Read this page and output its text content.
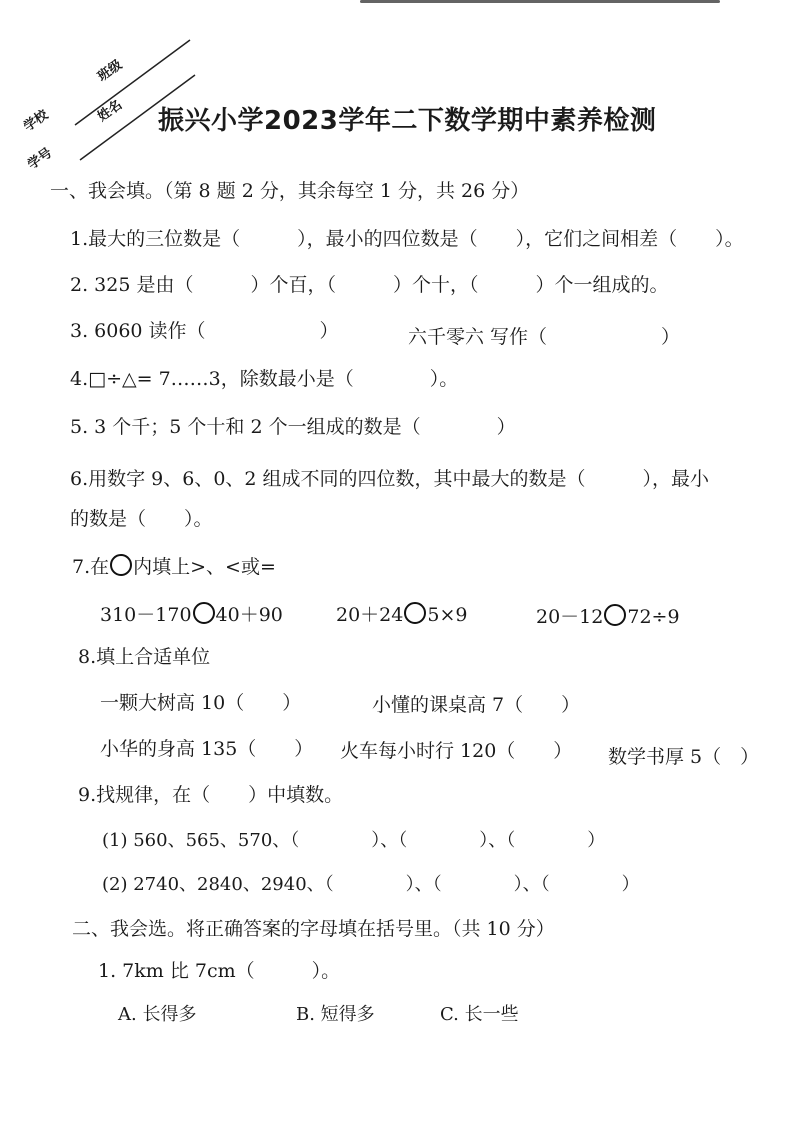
学校
班级
学号
姓名 振兴小学2023学年二下数学期中素养检测
一、我会填。（第 8 题 2 分，其余每空 1 分，共 26 分）
1.最大的三位数是（　　　），最小的四位数是（　　），它们之间相差（　　）。
2. 325 是由（　　　）个百，（　　　）个十，（　　　）个一组成的。
3. 6060 读作（　　　　　　）	六千零六 写作（　　　　　　）
4.□÷△= 7……3，除数最小是（　　　　）。
5. 3 个千；5 个十和 2 个一组成的数是（　　　　）
6.用数字 9、6、0、2 组成不同的四位数，其中最大的数是（　　　），最小
的数是（　　）。
7.在 内填上>、<或=
310－170 40＋90	20＋24 5×9	20－12 72÷9
8.填上合适单位
一颗大树高 10（　　）	小懂的课桌高 7（　　）
小华的身高 135（　　） 火车每小时行 120（　　） 数学书厚 5（　）
9.找规律，在（　　）中填数。
(1) 560、565、570、（　　　　）、（　　　　）、（　　　　）
(2) 2740、2840、2940、（　　　　）、（　　　　）、（　　　　）
二、我会选。将正确答案的字母填在括号里。（共 10 分）
1. 7km 比 7cm（　　　）。
A. 长得多	B. 短得多	C. 长一些
